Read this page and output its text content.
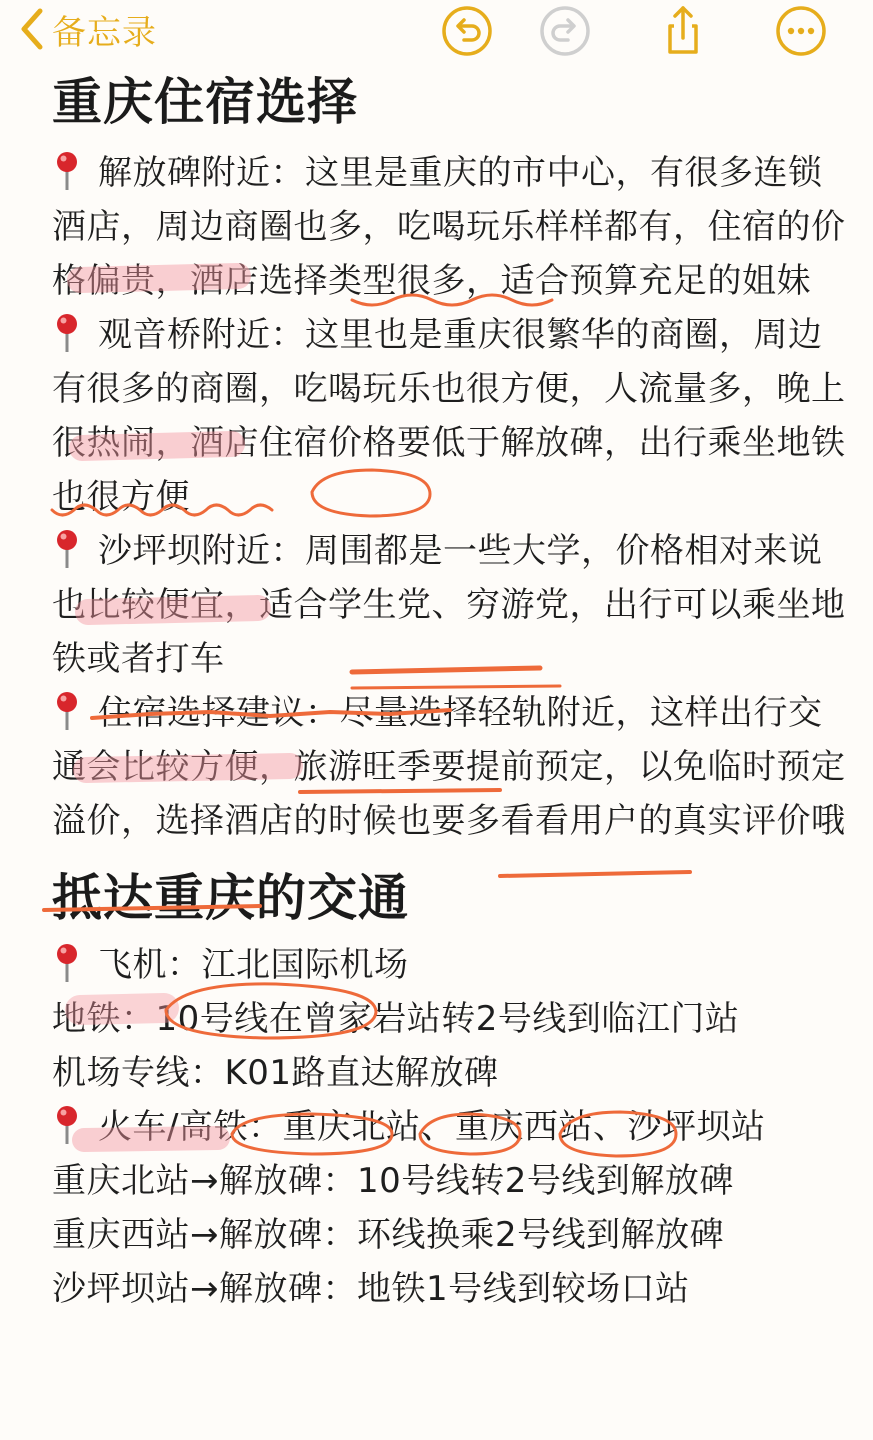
备忘录
重庆住宿选择

解放碑附近：这里是重庆的市中心，有很多连锁酒店，周边商圈也多，吃喝玩乐样样都有，住宿的价格偏贵，酒店选择类型很多，适合预算充足的姐妹

观音桥附近：这里也是重庆很繁华的商圈，周边有很多的商圈，吃喝玩乐也很方便，人流量多，晚上很热闹，酒店住宿价格要低于解放碑，出行乘坐地铁也很方便

沙坪坝附近：周围都是一些大学，价格相对来说也比较便宜，适合学生党、穷游党，出行可以乘坐地铁或者打车

住宿选择建议：尽量选择轻轨附近，这样出行交通会比较方便，旅游旺季要提前预定，以免临时预定溢价，选择酒店的时候也要多看看用户的真实评价哦

抵达重庆的交通
飞机：江北国际机场
地铁：10号线在曾家岩站转2号线到临江门站
机场专线：K01路直达解放碑
火车/高铁：重庆北站、重庆西站、沙坪坝站
重庆北站→解放碑：10号线转2号线到解放碑
重庆西站→解放碑：环线换乘2号线到解放碑
沙坪坝站→解放碑：地铁1号线到较场口站
